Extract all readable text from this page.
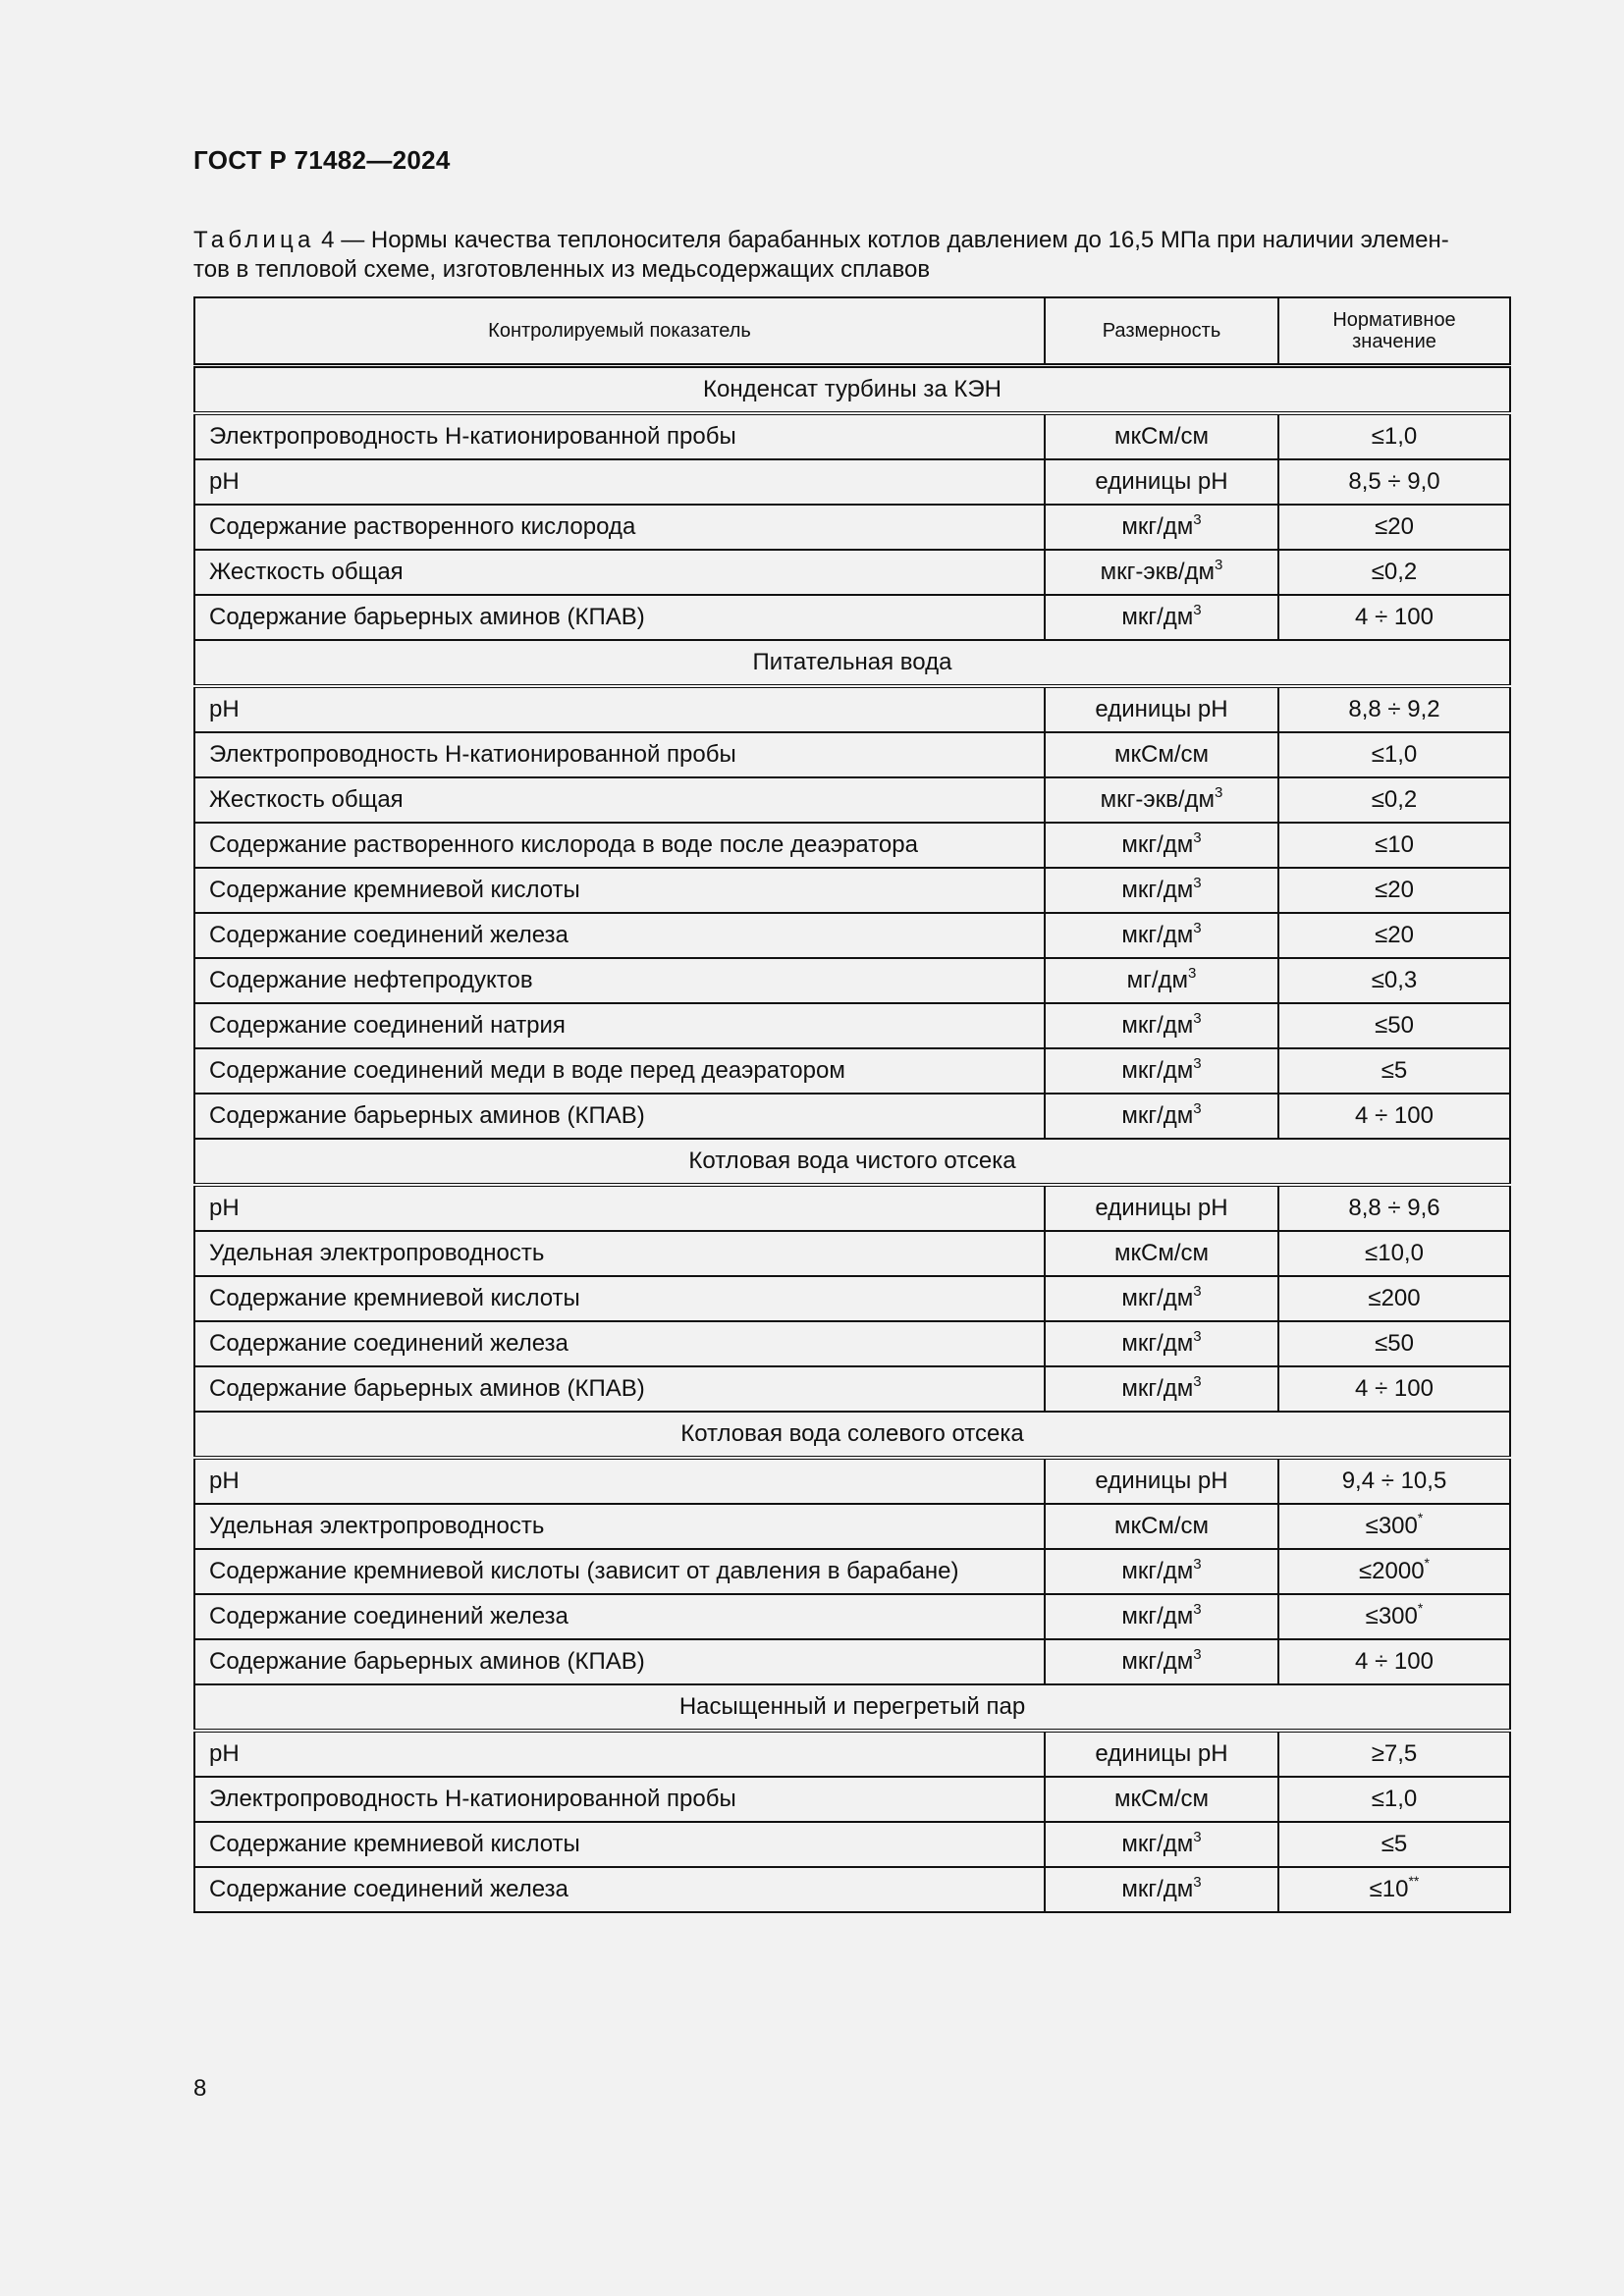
ГОСТ Р 71482—2024
Таблица 4 — Нормы качества теплоносителя барабанных котлов давлением до 16,5 МПа при наличии элемен-
тов в тепловой схеме, изготовленных из медьсодержащих сплавов
Контролируемый показатель	Размерность	Нормативное значение
Конденсат турбины за КЭН		
Электропроводность Н-катионированной пробы	мкСм/см	≤1,0
pH	единицы pH	8,5 ÷ 9,0
Содержание растворенного кислорода	мкг/$дм^3$	≤20
Жесткость общая	мкг-$экв/дм^3$	≤0,2
Содержание барьерных аминов (КПАВ)	мкг/$дм^3$	4 ÷ 100
Питательная вода		
pH	единицы pH	8,8 ÷ 9,2
Электропроводность Н-катионированной пробы	мкСм/см	≤1,0
Жесткость общая	мкг-$экв/дм^3$	≤0,2
Содержание растворенного кислорода в воде после деаэратора	мкг/$дм^3$	≤10
Содержание кремниевой кислоты	мкг/$дм^3$	≤20
Содержание соединений железа	мкг/$дм^3$	≤20
Содержание нефтепродуктов	$мг/дм^3$	≤0,3
Содержание соединений натрия	мкг/$дм^3$	≤50
Содержание соединений меди в воде перед деаэратором	мкг/$дм^3$	≤5
Содержание барьерных аминов (КПАВ)	мкг/$дм^3$	4 ÷ 100
Котловая вода чистого отсека		
pH	единицы pH	8,8 ÷ 9,6
Удельная электропроводность	мкСм/см	≤10,0
Содержание кремниевой кислоты	мкг/$дм^3$	≤200
Содержание соединений железа	мкг/$дм^3$	≤50
Содержание барьерных аминов (КПАВ)	мкг/$дм^3$	4 ÷ 100
Котловая вода солевого отсека		
pH	единицы pH	9,4 ÷ 10,5
Удельная электропроводность	мкСм/см	≤300*
Содержание кремниевой кислоты (зависит от давления в барабане)	мкг/$дм^3$	≤2000*
Содержание соединений железа	мкг/$дм^3$	≤300*
Содержание барьерных аминов (КПАВ)	мкг/$дм^3$	4 ÷ 100
Насыщенный и перегретый пар		
pH	единицы pH	≥7,5
Электропроводность Н-катионированной пробы	мкСм/см	≤1,0
Содержание кремниевой кислоты	мкг/$дм^3$	≤5
Содержание соединений железа	мкг/$дм^3$	≤10**
8
